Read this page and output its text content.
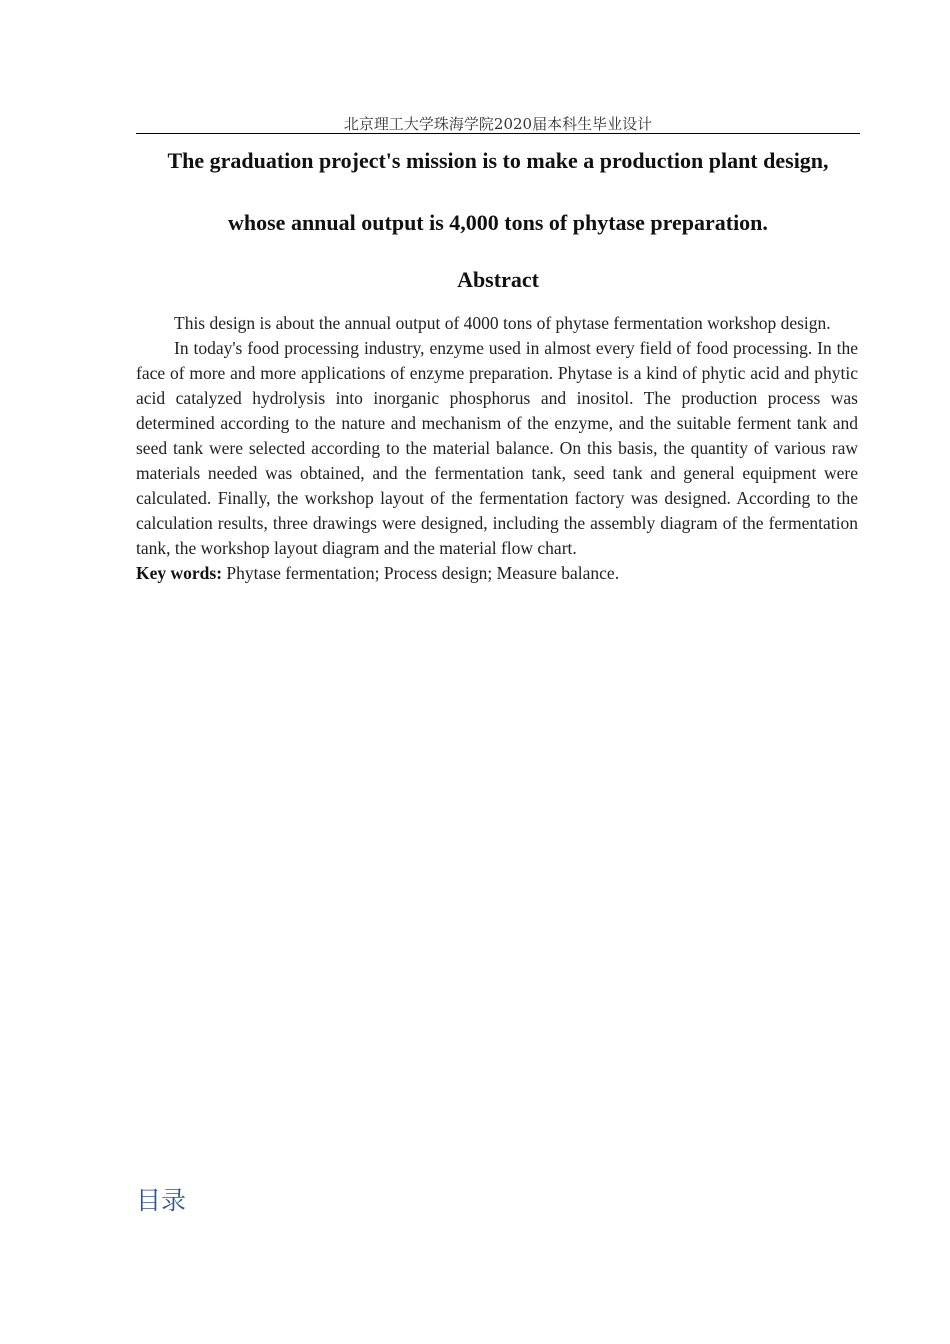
北京理工大学珠海学院2020届本科生毕业设计
The graduation project's mission is to make a production plant design,
whose annual output is 4,000 tons of phytase preparation.
Abstract

This design is about the annual output of 4000 tons of phytase fermentation workshop design.

In today's food processing industry, enzyme used in almost every field of food processing. In the face of more and more applications of enzyme preparation. Phytase is a kind of phytic acid and phytic acid catalyzed hydrolysis into inorganic phosphorus and inositol. The production process was determined according to the nature and mechanism of the enzyme, and the suitable ferment tank and seed tank were selected according to the material balance. On this basis, the quantity of various raw materials needed was obtained, and the fermentation tank, seed tank and general equipment were calculated. Finally, the workshop layout of the fermentation factory was designed. According to the calculation results, three drawings were designed, including the assembly diagram of the fermentation tank, the workshop layout diagram and the material flow chart.

Key words: Phytase fermentation; Process design; Measure balance.

目录
